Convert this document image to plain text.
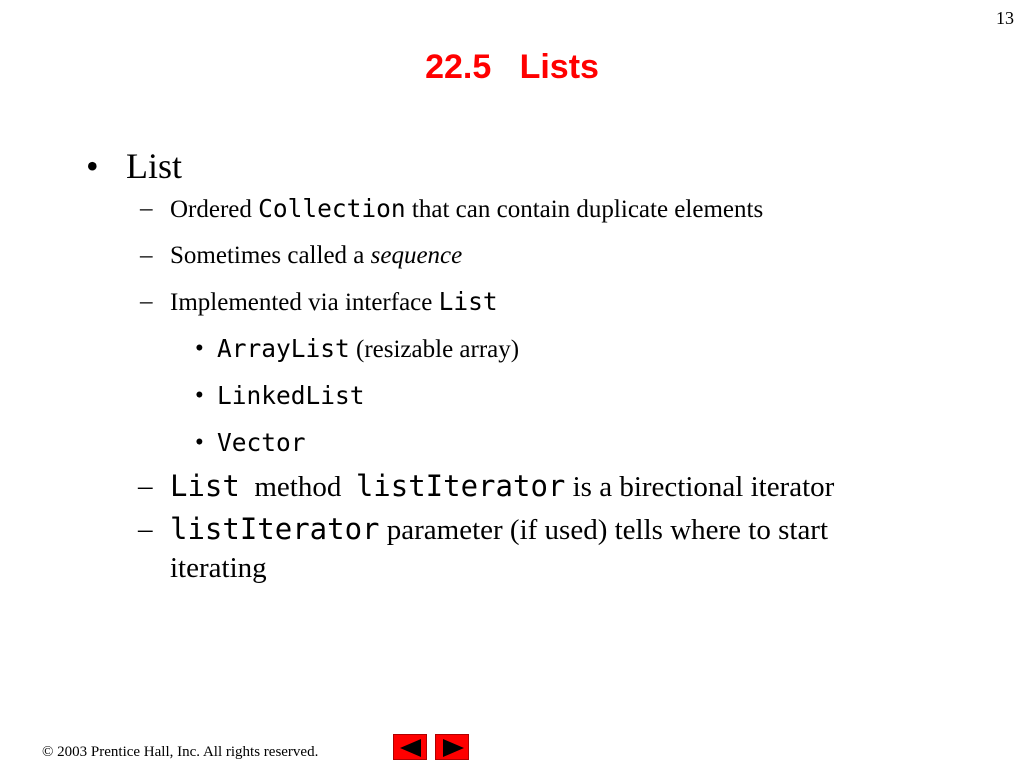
13
22.5   Lists
• List
– Ordered Collection that can contain duplicate elements
– Sometimes called a sequence
– Implemented via interface List
• ArrayList (resizable array)
• LinkedList
• Vector
– List  method  listIterator is a birectional iterator
– listIterator parameter (if used) tells where to start iterating
© 2003 Prentice Hall, Inc. All rights reserved.
